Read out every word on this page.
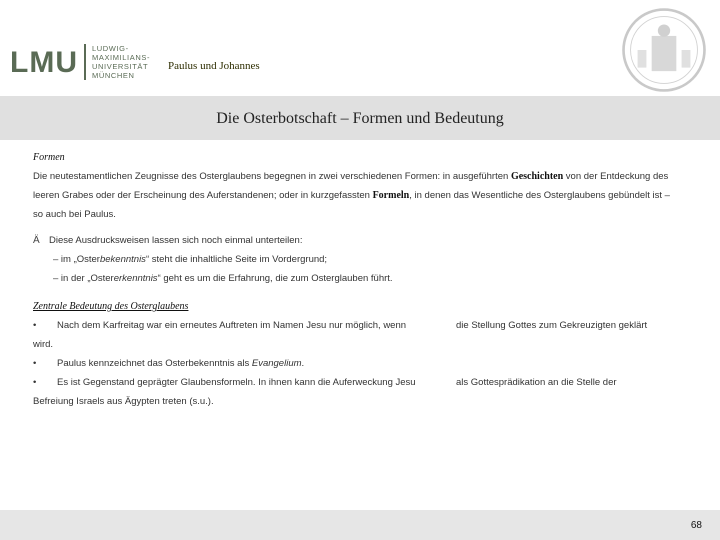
LMU LUDWIG-
MAXIMILIANS-
UNIVERSITÄT
MÜNCHEN
Paulus und Johannes
Die Osterbotschaft – Formen und Bedeutung
Formen

Die neutestamentlichen Zeugnisse des Osterglaubens begegnen in zwei verschiedenen Formen: in ausgeführten Geschichten von der Entdeckung des leeren Grabes oder der Erscheinung des Auferstandenen; oder in kurzgefassten Formeln, in denen das Wesentliche des Osterglaubens gebündelt ist – so auch bei Paulus.

Ä Diese Ausdrucksweisen lassen sich noch einmal unterteilen:
– im „Osterbekenntnis“ steht die inhaltliche Seite im Vordergrund;
– in der „Ostererkenntnis“ geht es um die Erfahrung, die zum Osterglauben führt.
Zentrale Bedeutung des Osterglaubens
•	Nach dem Karfreitag war ein erneutes Auftreten im Namen Jesu nur möglich, wenn	die Stellung Gottes zum Gekreuzigten geklärt
wird.
•	Paulus kennzeichnet das Osterbekenntnis als Evangelium.
•	Es ist Gegenstand geprägter Glaubensformeln. In ihnen kann die Auferweckung Jesu	als Gottesprädikation an die Stelle der
Befreiung Israels aus Ägypten treten (s.u.).
68
